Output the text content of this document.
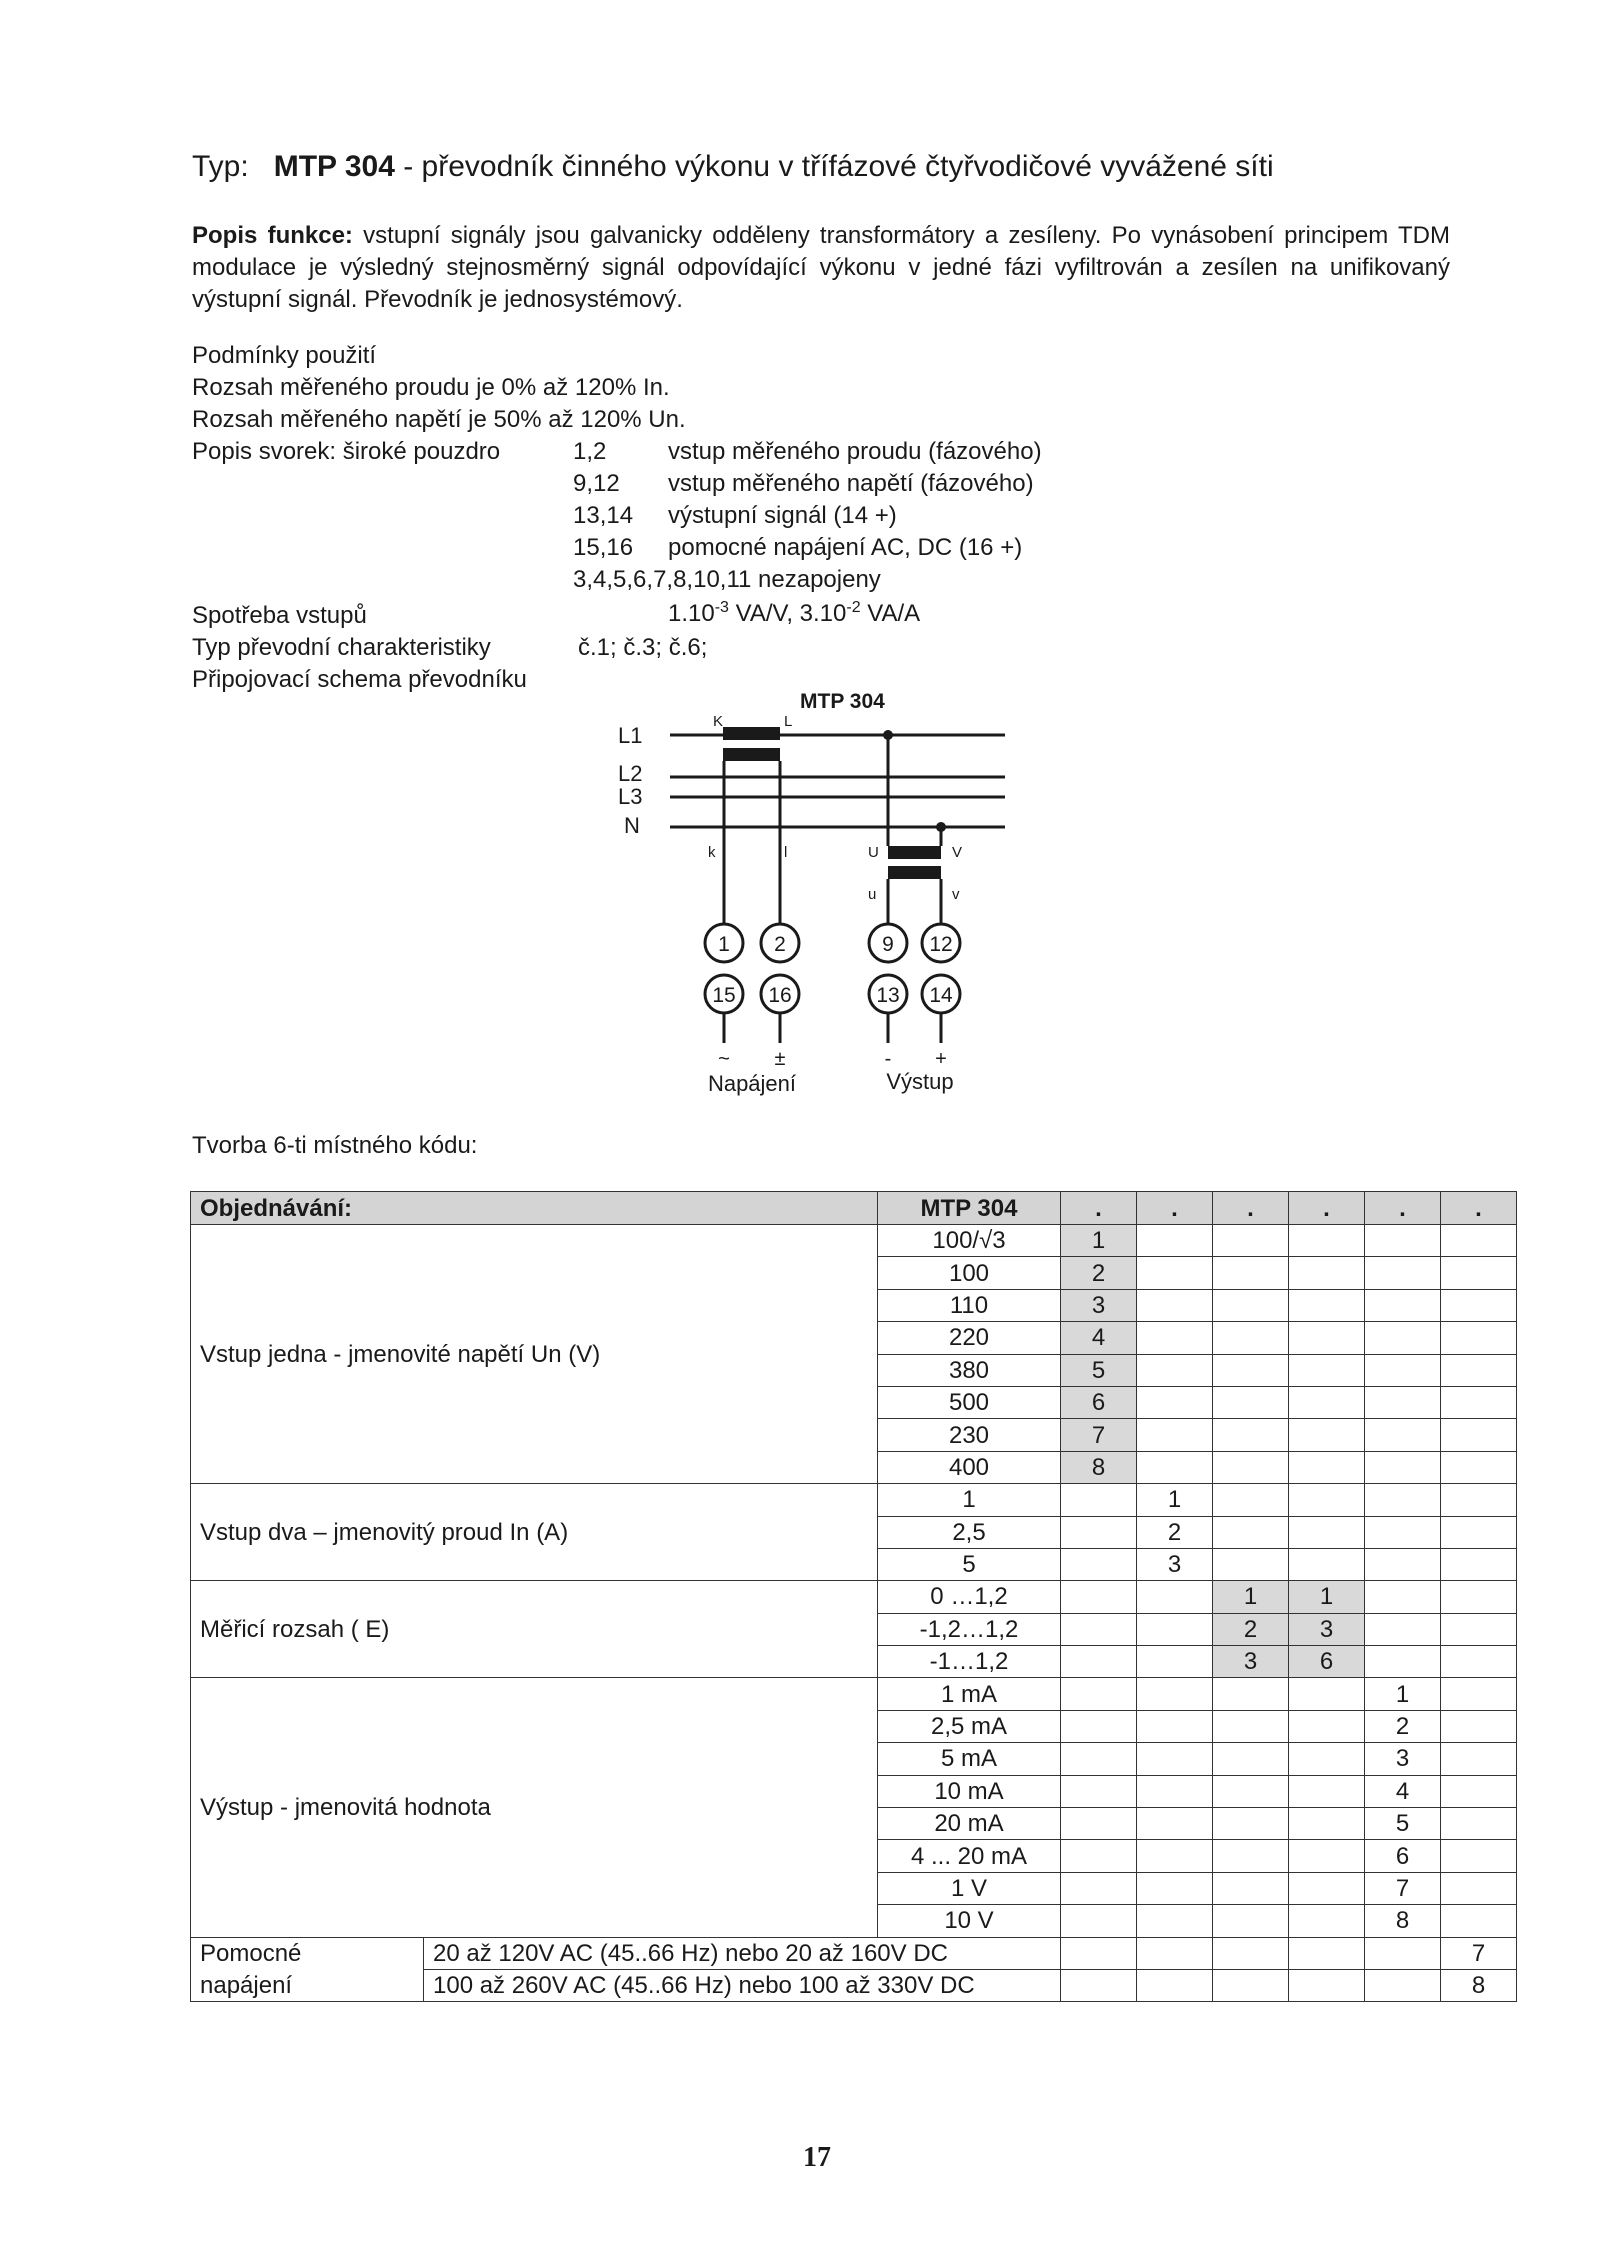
Typ: MTP 304 - převodník činného výkonu v třífázové čtyřvodičové vyvážené síti
Popis funkce: vstupní signály jsou galvanicky odděleny transformátory a zesíleny. Po vynásobení principem TDM modulace je výsledný stejnosměrný signál odpovídající výkonu v jedné fázi vyfiltrován a zesílen na unifikovaný výstupní signál. Převodník je jednosystémový.
Podmínky použití
Rozsah měřeného proudu je 0% až 120% In.
Rozsah měřeného napětí je 50% až 120% Un.
Popis svorek: široké pouzdro	1,2	vstup měřeného proudu (fázového)
9,12 vstup měřeného napětí (fázového)
13,14 výstupní signál (14 +)
15,16 pomocné napájení AC, DC (16 +)
3,4,5,6,7,8,10,11 nezapojeny
Spotřeba vstupů	$1.10^{-3}$ VA/V, $3.10^{-2}$ VA/A
Typ převodní charakteristiky	č.1; č.3; č.6;
Připojovací schema převodníku
MTP 304
L1
L2
L3
N
K	L
k	l	U	V
u	v
1 2	9 12
15 16	13 14
~ ±	- +
Napájení	Výstup
Tvorba 6-ti místného kódu:
Objednávání:		MTP 304	.	.	.	.	.	.
Vstup jedna - jmenovité napětí Un (V)		100/√3	1					
		100	2					
		110	3					
		220	4					
		380	5					
		500	6					
		230	7					
		400	8					
Vstup dva – jmenovitý proud In (A)		1		1				
		2,5		2				
		5		3				
Měřicí rozsah ( E)		0 …1,2			1	1		
		-1,2…1,2			2	3		
		-1…1,2			3	6		
Výstup - jmenovitá hodnota		1 mA					1	
		2,5 mA					2	
		5 mA					3	
		10 mA					4	
		20 mA					5	
		4 ... 20 mA					6	
		1 V					7	
		10 V					8	
Pomocné	20 až 120V AC (45..66 Hz) nebo 20 až 160V DC							7
napájení	100 až 260V AC (45..66 Hz) nebo 100 až 330V DC							8
17
